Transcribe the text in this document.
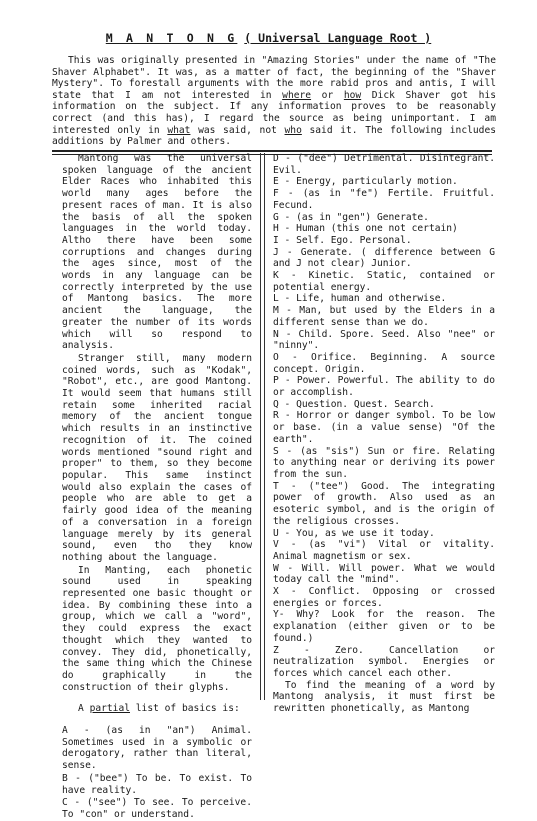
M A N T O N G ( Universal Language Root )

This was originally presented in "Amazing Stories" under the name of "The Shaver Alphabet". It was, as a matter of fact, the beginning of the "Shaver Mystery". To forestall arguments with the more rabid pros and antis, I will state that I am not interested in where or how Dick Shaver got his information on the subject. If any information proves to be reasonably correct (and this has), I regard the source as being unimportant. I am interested only in what was said, not who said it. The following includes additions by Palmer and others.

Mantong was the universal spoken language of the ancient Elder Races who inhabited this world many ages before the present races of man. It is also the basis of all the spoken languages in the world today. Altho there have been some corruptions and changes during the ages since, most of the words in any language can be correctly interpreted by the use of Mantong basics. The more ancient the language, the greater the number of its words which will so respond to analysis.

Stranger still, many modern coined words, such as "Kodak", "Robot", etc., are good Mantong. It would seem that humans still retain some inherited racial memory of the ancient tongue which results in an instinctive recognition of it. The coined words mentioned "sound right and proper" to them, so they become popular. This same instinct would also explain the cases of people who are able to get a fairly good idea of the meaning of a conversation in a foreign language merely by its general sound, even tho they know nothing about the language.

In Manting, each phonetic sound used in speaking represented one basic thought or idea. By combining these into a group, which we call a "word", they could express the exact thought which they wanted to convey. They did, phonetically, the same thing which the Chinese do graphically in the construction of their glyphs.

A partial list of basics is:

A - (as in "an") Animal. Sometimes used in a symbolic or derogatory, rather than literal, sense.

B - ("bee") To be. To exist. To have reality.

C - ("see") To see. To perceive. To "con" or understand.

D - ("dee") Detrimental. Disintegrant. Evil.

E - Energy, particularly motion.

F - (as in "fe") Fertile. Fruitful. Fecund.

G - (as in "gen") Generate.

H - Human (this one not certain)

I - Self. Ego. Personal.

J - Generate. ( difference between G and J not clear) Junior.

K - Kinetic. Static, contained or potential energy.

L - Life, human and otherwise.

M - Man, but used by the Elders in a different sense than we do.

N - Child. Spore. Seed. Also "nee" or "ninny".

O - Orifice. Beginning. A source concept. Origin.

P - Power. Powerful. The ability to do or accomplish.

Q - Question. Quest. Search.

R - Horror or danger symbol. To be low or base. (in a value sense) "Of the earth".

S - (as "sis") Sun or fire. Relating to anything near or deriving its power from the sun.

T - ("tee") Good. The integrating power of growth. Also used as an esoteric symbol, and is the origin of the religious crosses.

U - You, as we use it today.

V - (as "vi") Vital or vitality. Animal magnetism or sex.

W - Will. Will power. What we would today call the "mind".

X - Conflict. Opposing or crossed energies or forces.

Y- Why? Look for the reason. The explanation (either given or to be found.)

Z - Zero. Cancellation or neutralization symbol. Energies or forces which cancel each other.

To find the meaning of a word by Mantong analysis, it must first be rewritten phonetically, as Mantong
